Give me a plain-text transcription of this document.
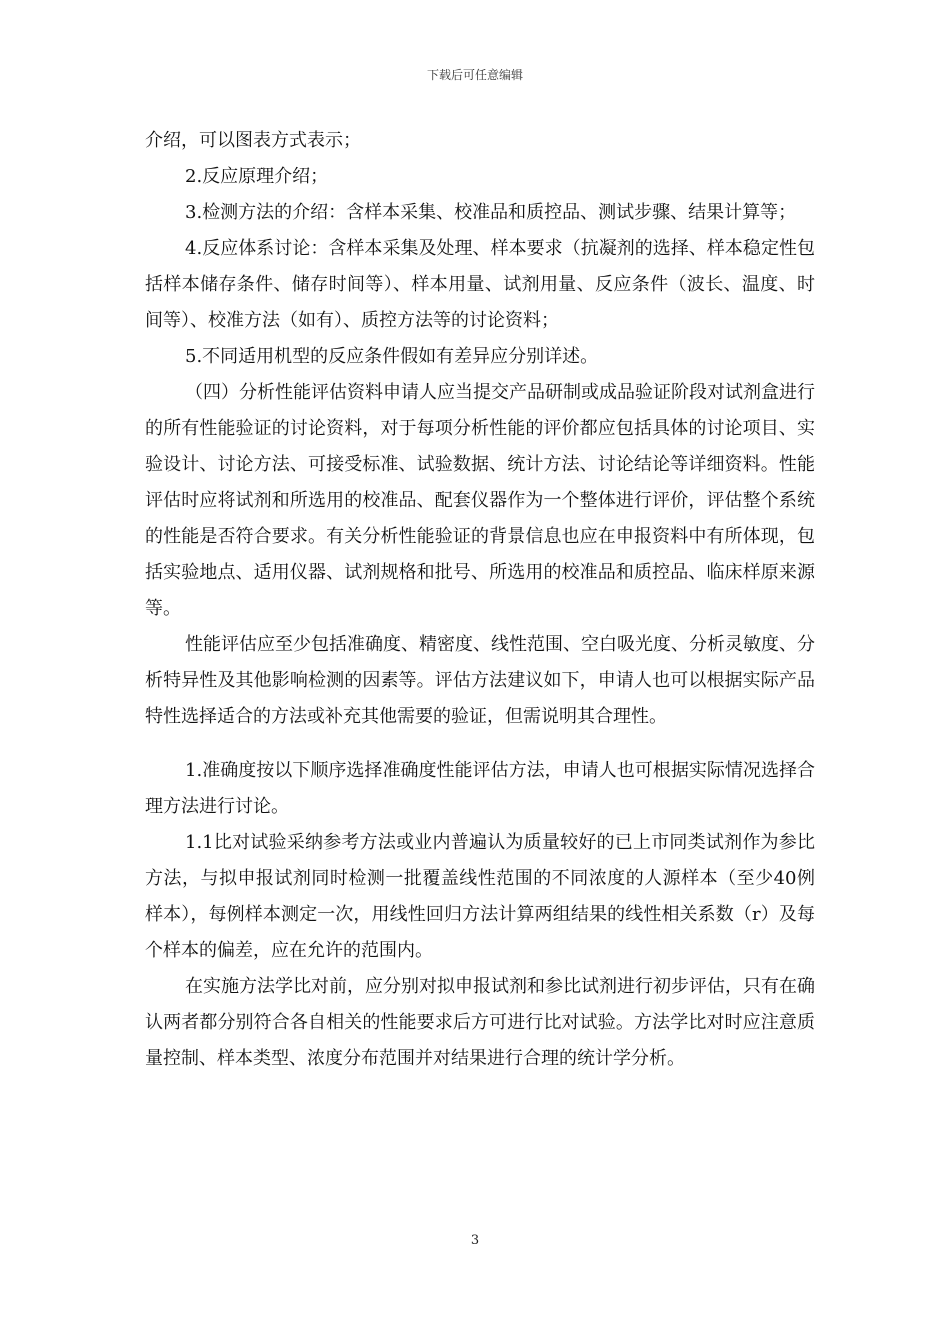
下载后可任意编辑

介绍，可以图表方式表示；

2.反应原理介绍；

3.检测方法的介绍：含样本采集、校准品和质控品、测试步骤、结果计算等；

4.反应体系讨论：含样本采集及处理、样本要求（抗凝剂的选择、样本稳定性包括样本储存条件、储存时间等）、样本用量、试剂用量、反应条件（波长、温度、时间等）、校准方法（如有）、质控方法等的讨论资料；

5.不同适用机型的反应条件假如有差异应分别详述。

（四）分析性能评估资料申请人应当提交产品研制或成品验证阶段对试剂盒进行的所有性能验证的讨论资料，对于每项分析性能的评价都应包括具体的讨论项目、实验设计、讨论方法、可接受标准、试验数据、统计方法、讨论结论等详细资料。性能评估时应将试剂和所选用的校准品、配套仪器作为一个整体进行评价，评估整个系统的性能是否符合要求。有关分析性能验证的背景信息也应在申报资料中有所体现，包括实验地点、适用仪器、试剂规格和批号、所选用的校准品和质控品、临床样原来源等。

性能评估应至少包括准确度、精密度、线性范围、空白吸光度、分析灵敏度、分析特异性及其他影响检测的因素等。评估方法建议如下，申请人也可以根据实际产品特性选择适合的方法或补充其他需要的验证，但需说明其合理性。

1.准确度按以下顺序选择准确度性能评估方法，申请人也可根据实际情况选择合理方法进行讨论。

1.1比对试验采纳参考方法或业内普遍认为质量较好的已上市同类试剂作为参比方法，与拟申报试剂同时检测一批覆盖线性范围的不同浓度的人源样本（至少40例样本），每例样本测定一次，用线性回归方法计算两组结果的线性相关系数（r）及每个样本的偏差，应在允许的范围内。

在实施方法学比对前，应分别对拟申报试剂和参比试剂进行初步评估，只有在确认两者都分别符合各自相关的性能要求后方可进行比对试验。方法学比对时应注意质量控制、样本类型、浓度分布范围并对结果进行合理的统计学分析。

3
